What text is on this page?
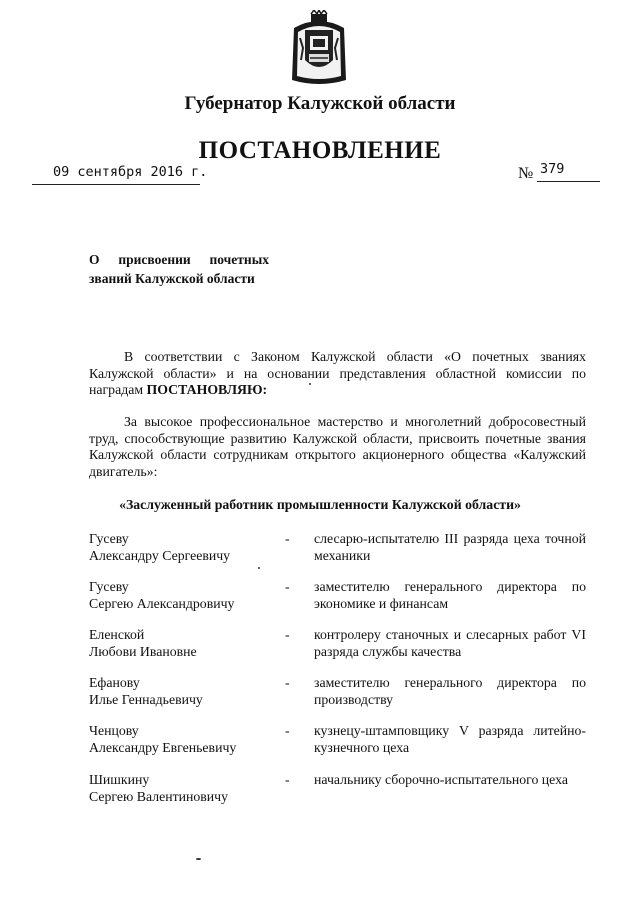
Губернатор Калужской области
ПОСТАНОВЛЕНИЕ
09 сентября 2016 г.	№ 379
О присвоении почетных
званий Калужской области
В соответствии с Законом Калужской области «О почетных званиях Калужской области» и на основании представления областной комиссии по наградам ПОСТАНОВЛЯЮ:
За высокое профессиональное мастерство и многолетний добросовестный труд, способствующие развитию Калужской области, присвоить почетные звания Калужской области сотрудникам открытого акционерного общества «Калужский двигатель»:
«Заслуженный работник промышленности Калужской области»
Гусеву
Александру Сергеевичу
- слесарю-испытателю III разряда цеха точной механики
Гусеву
Сергею Александровичу
- заместителю генерального директора по экономике и финансам
Еленской
Любови Ивановне
- контролеру станочных и слесарных работ VI разряда службы качества
Ефанову
Илье Геннадьевичу
- заместителю генерального директора по производству
Ченцову
Александру Евгеньевичу
- кузнецу-штамповщику V разряда литейно-кузнечного цеха
Шишкину
Сергею Валентиновичу
- начальнику сборочно-испытательного цеха
